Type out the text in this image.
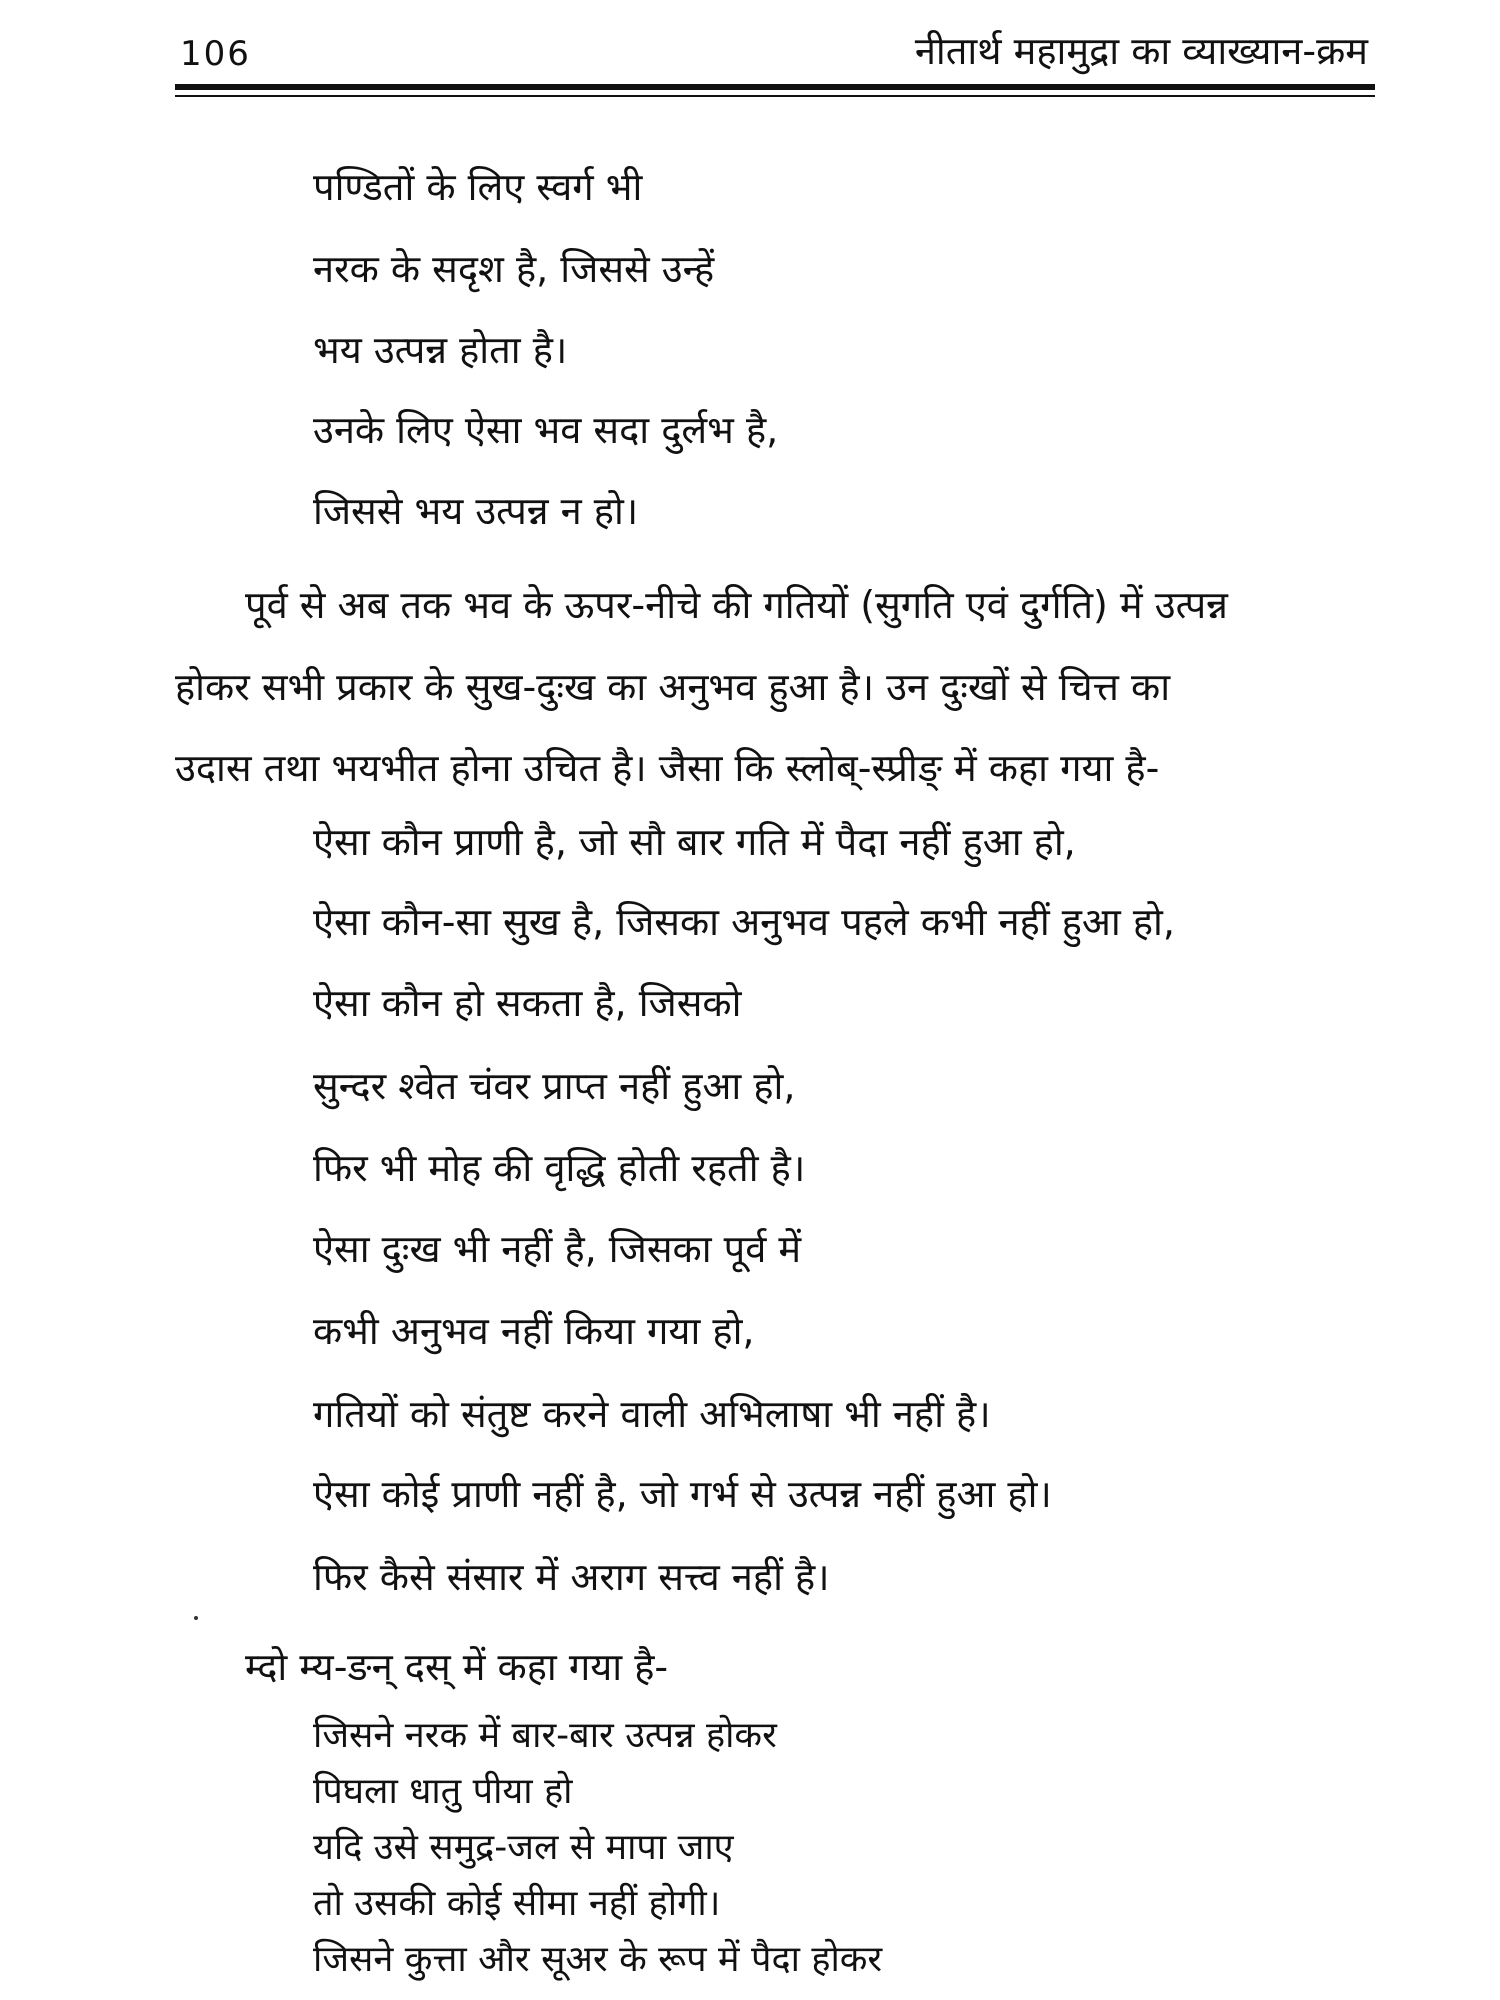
106	नीतार्थ महामुद्रा का व्याख्यान-क्रम
पण्डितों के लिए स्वर्ग भी
नरक के सदृश है, जिससे उन्हें
भय उत्पन्न होता है।
उनके लिए ऐसा भव सदा दुर्लभ है,
जिससे भय उत्पन्न न हो।
पूर्व से अब तक भव के ऊपर-नीचे की गतियों (सुगति एवं दुर्गति) में उत्पन्न
होकर सभी प्रकार के सुख-दुःख का अनुभव हुआ है। उन दुःखों से चित्त का
उदास तथा भयभीत होना उचित है। जैसा कि स्लोब्-स्प्रीङ् में कहा गया है-
ऐसा कौन प्राणी है, जो सौ बार गति में पैदा नहीं हुआ हो,
ऐसा कौन-सा सुख है, जिसका अनुभव पहले कभी नहीं हुआ हो,
ऐसा कौन हो सकता है, जिसको
सुन्दर श्वेत चंवर प्राप्त नहीं हुआ हो,
फिर भी मोह की वृद्धि होती रहती है।
ऐसा दुःख भी नहीं है, जिसका पूर्व में
कभी अनुभव नहीं किया गया हो,
गतियों को संतुष्ट करने वाली अभिलाषा भी नहीं है।
ऐसा कोई प्राणी नहीं है, जो गर्भ से उत्पन्न नहीं हुआ हो।
फिर कैसे संसार में अराग सत्त्व नहीं है।
म्दो म्य-ङन् दस् में कहा गया है-
जिसने नरक में बार-बार उत्पन्न होकर
पिघला धातु पीया हो
यदि उसे समुद्र-जल से मापा जाए
तो उसकी कोई सीमा नहीं होगी।
जिसने कुत्ता और सूअर के रूप में पैदा होकर
